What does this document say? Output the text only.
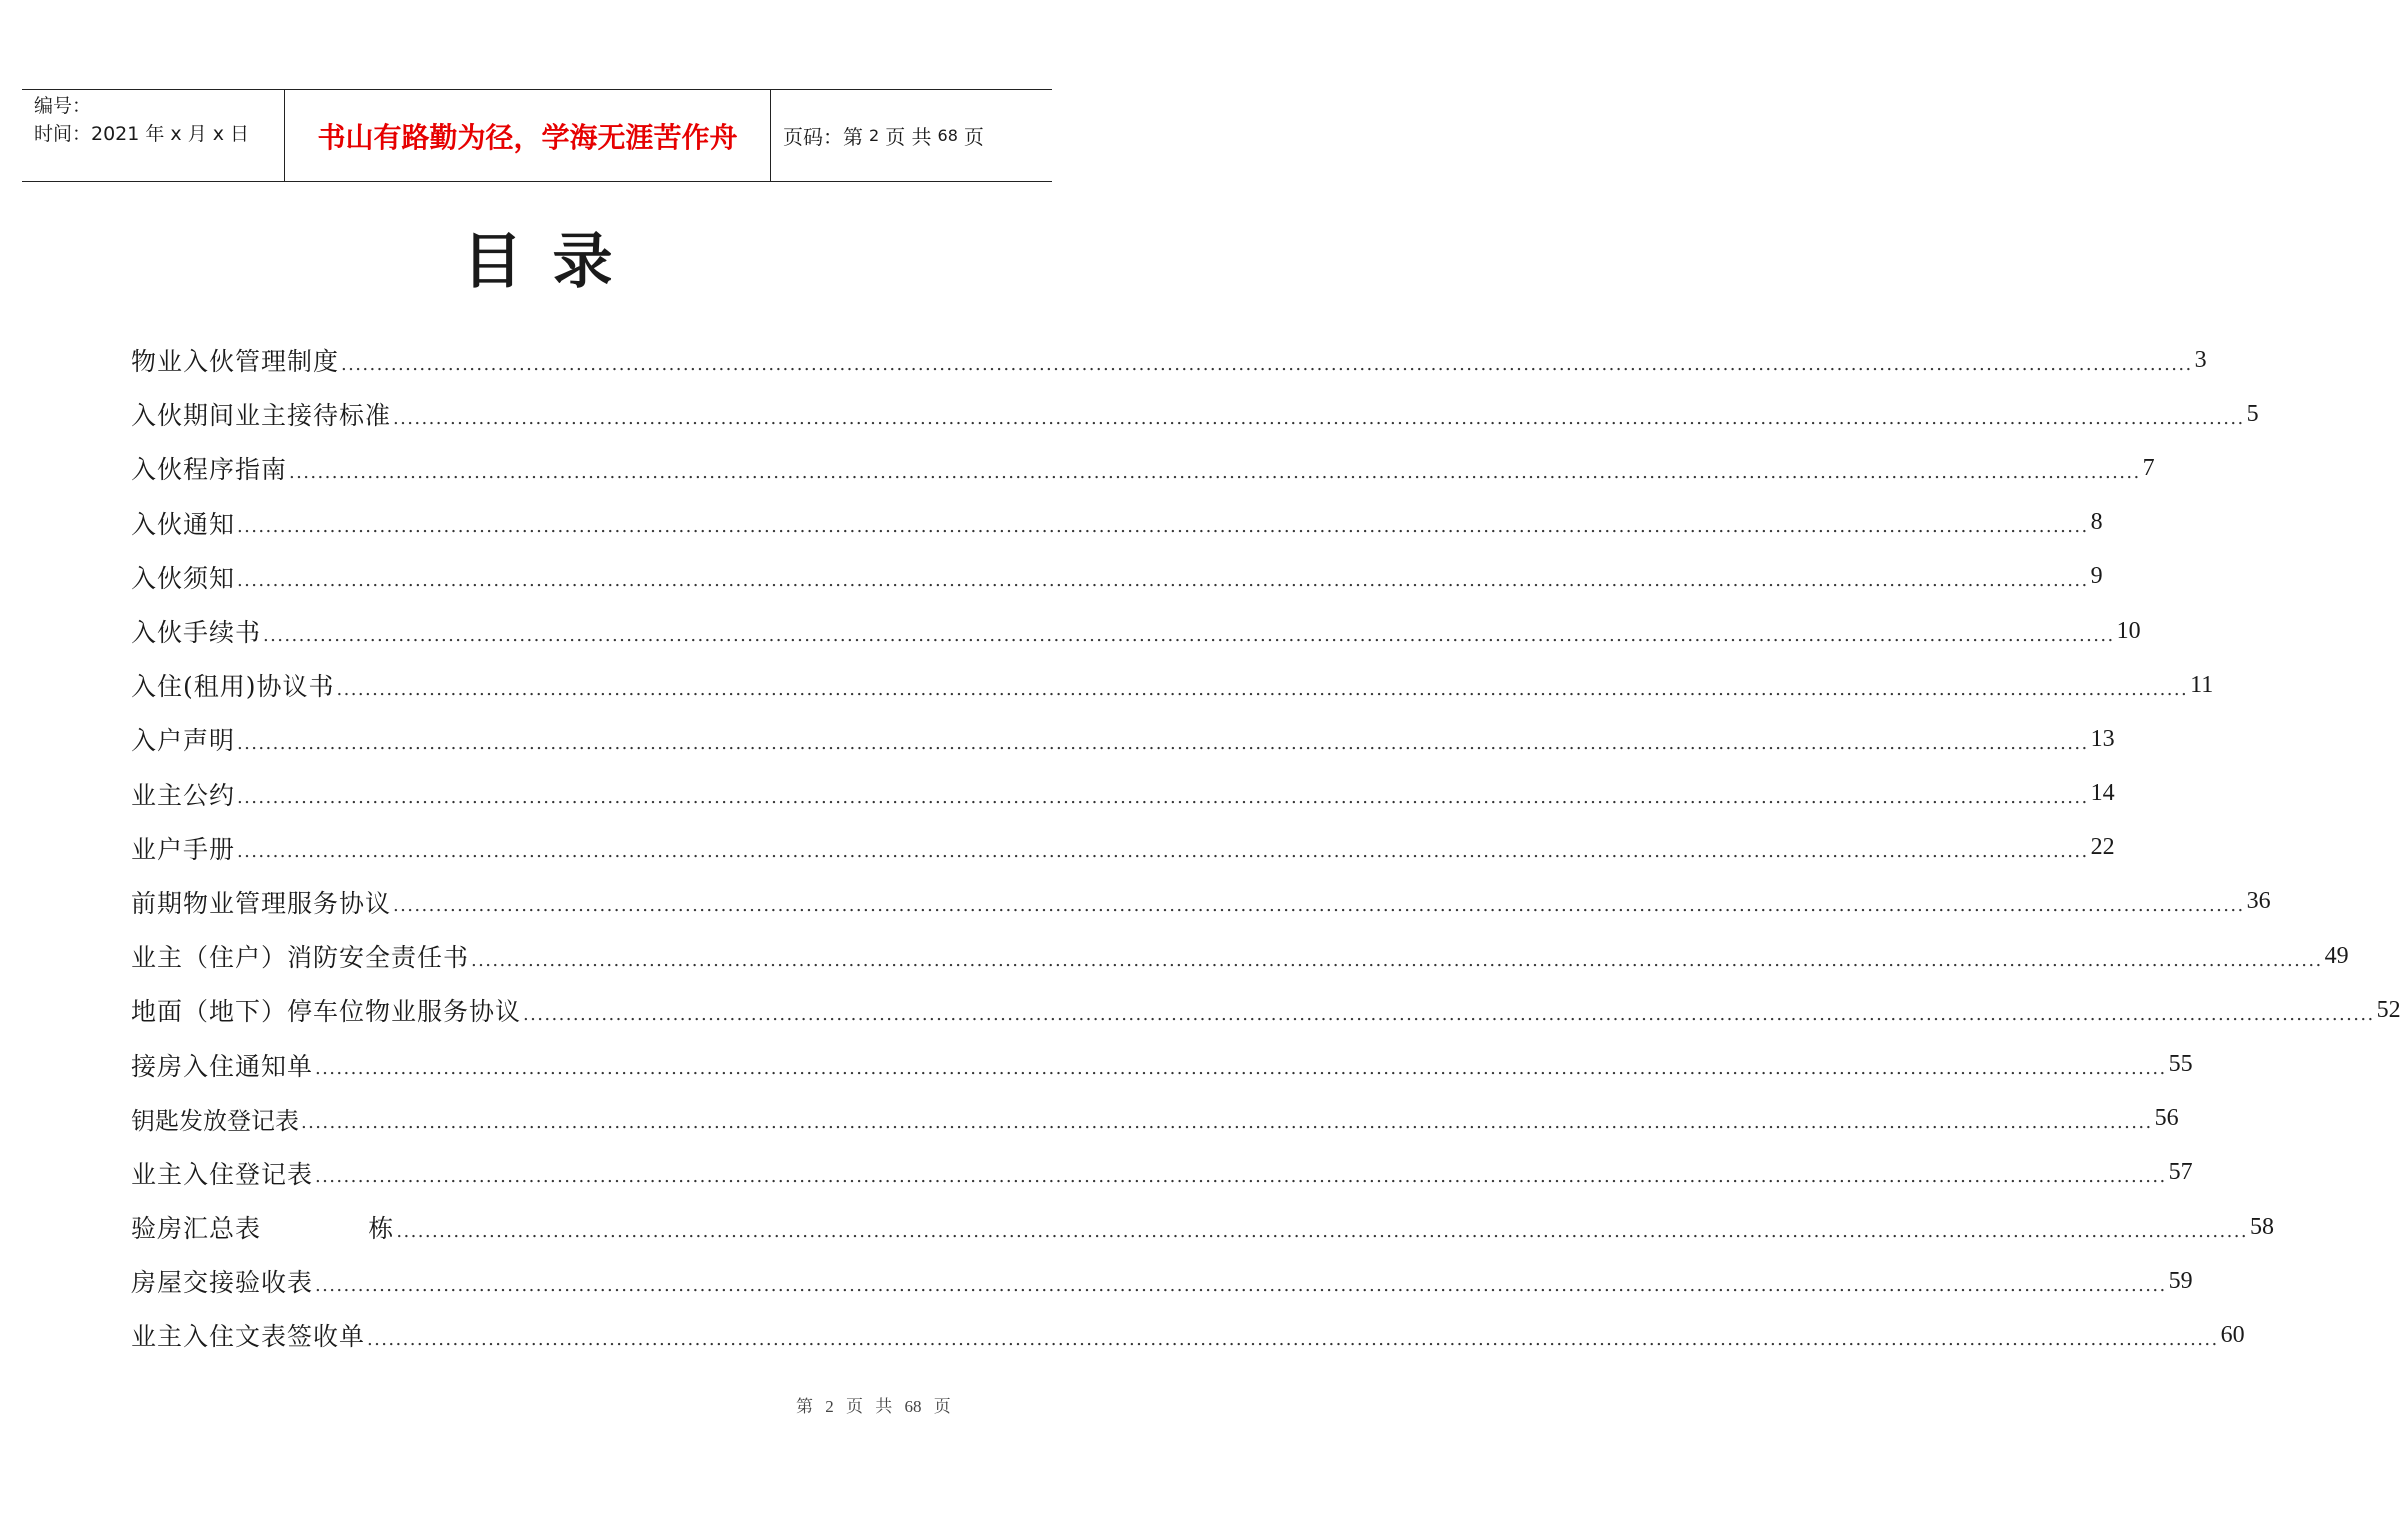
编号：
时间：2021 年 x 月 x 日	书山有路勤为径，学海无涯苦作舟	页码：第 2 页 共 68 页
目录
物业入伙管理制度 .................................................................................................................................................................................................................................................................... 3
入伙期间业主接待标准 .................................................................................................................................................................................................................................................................... 5
入伙程序指南 .................................................................................................................................................................................................................................................................... 7
入伙通知 .................................................................................................................................................................................................................................................................... 8
入伙须知 .................................................................................................................................................................................................................................................................... 9
入伙手续书 .................................................................................................................................................................................................................................................................... 10
入住(租用)协议书 .................................................................................................................................................................................................................................................................... 11
入户声明 .................................................................................................................................................................................................................................................................... 13
业主公约 .................................................................................................................................................................................................................................................................... 14
业户手册 .................................................................................................................................................................................................................................................................... 22
前期物业管理服务协议 .................................................................................................................................................................................................................................................................... 36
业主（住户）消防安全责任书 .................................................................................................................................................................................................................................................................... 49
地面（地下）停车位物业服务协议 .................................................................................................................................................................................................................................................................... 52
接房入住通知单 .................................................................................................................................................................................................................................................................... 55
钥匙发放登记表 .................................................................................................................................................................................................................................................................... 56
业主入住登记表 .................................................................................................................................................................................................................................................................... 57
验房汇总表            栋 .................................................................................................................................................................................................................................................................... 58
房屋交接验收表 .................................................................................................................................................................................................................................................................... 59
业主入住文表签收单 .................................................................................................................................................................................................................................................................... 60
第 2 页 共 68 页
